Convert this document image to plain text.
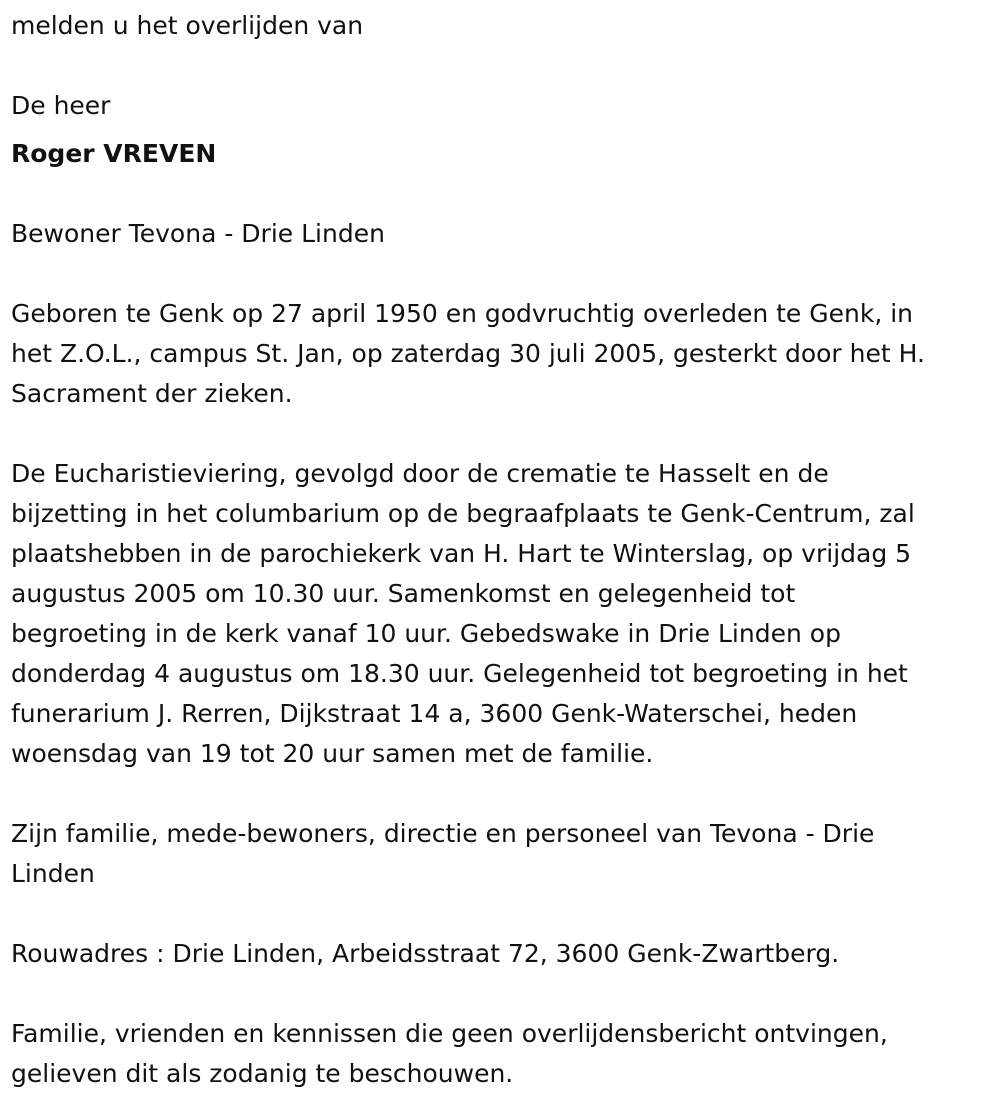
melden u het overlijden van

De heer

Roger VREVEN

Bewoner Tevona - Drie Linden

Geboren te Genk op 27 april 1950 en godvruchtig overleden te Genk, in

het Z.O.L., campus St. Jan, op zaterdag 30 juli 2005, gesterkt door het H.

Sacrament der zieken.

De Eucharistieviering, gevolgd door de crematie te Hasselt en de

bijzetting in het columbarium op de begraafplaats te Genk-Centrum, zal

plaatshebben in de parochiekerk van H. Hart te Winterslag, op vrijdag 5

augustus 2005 om 10.30 uur. Samenkomst en gelegenheid tot

begroeting in de kerk vanaf 10 uur. Gebedswake in Drie Linden op

donderdag 4 augustus om 18.30 uur. Gelegenheid tot begroeting in het

funerarium J. Rerren, Dijkstraat 14 a, 3600 Genk-Waterschei, heden

woensdag van 19 tot 20 uur samen met de familie.

Zijn familie, mede-bewoners, directie en personeel van Tevona - Drie

Linden

Rouwadres : Drie Linden, Arbeidsstraat 72, 3600 Genk-Zwartberg.

Familie, vrienden en kennissen die geen overlijdensbericht ontvingen,

gelieven dit als zodanig te beschouwen.
